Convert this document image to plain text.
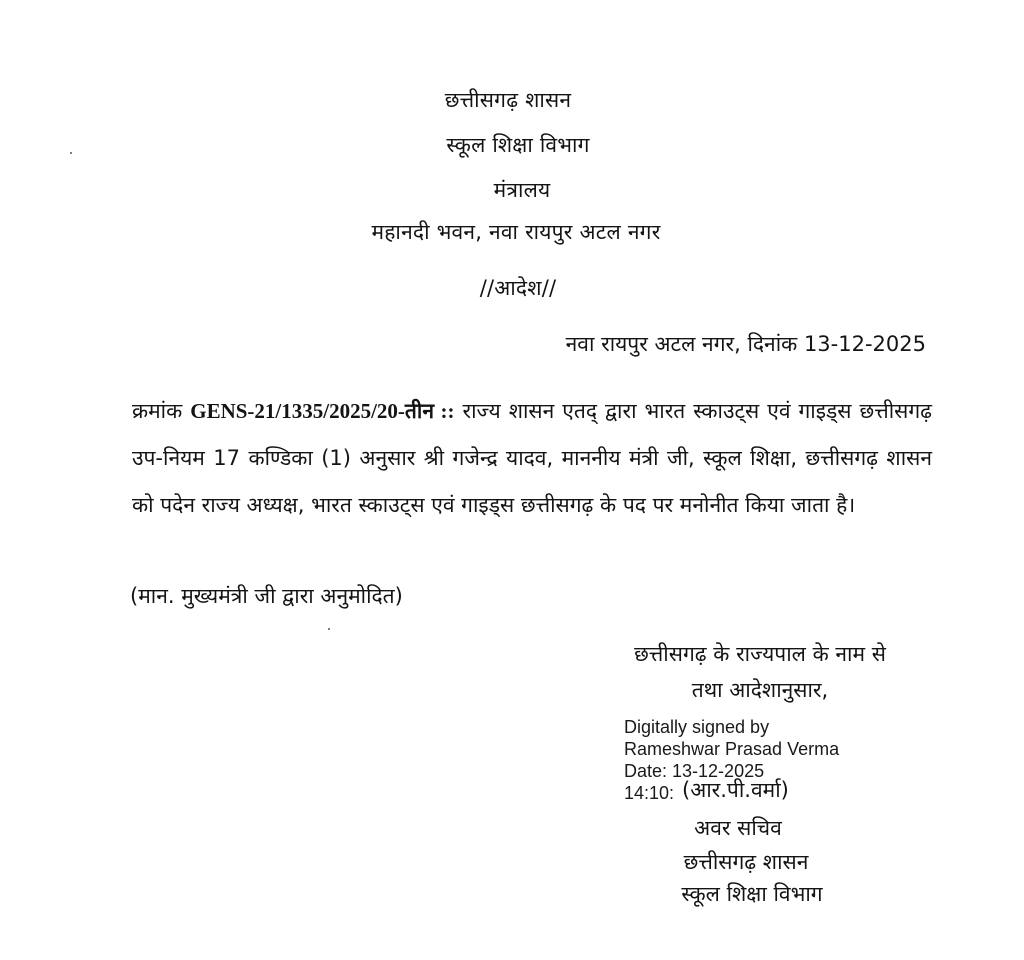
छत्तीसगढ़ शासन
स्कूल शिक्षा विभाग
मंत्रालय
महानदी भवन, नवा रायपुर अटल नगर
//आदेश//
नवा रायपुर अटल नगर, दिनांक 13-12-2025
क्रमांक GENS-21/1335/2025/20-तीन :: राज्य शासन एतद् द्वारा भारत स्काउट्स एवं गाइड्स छत्तीसगढ़ उप-नियम 17 कण्डिका (1) अनुसार श्री गजेन्द्र यादव, माननीय मंत्री जी, स्कूल शिक्षा, छत्तीसगढ़ शासन को पदेन राज्य अध्यक्ष, भारत स्काउट्स एवं गाइड्स छत्तीसगढ़ के पद पर मनोनीत किया जाता है।
(मान. मुख्यमंत्री जी द्वारा अनुमोदित)
छत्तीसगढ़ के राज्यपाल के नाम से
तथा आदेशानुसार,
Digitally signed by
Rameshwar Prasad Verma
Date: 13-12-2025
14:10: (आर.पी.वर्मा)
अवर सचिव
छत्तीसगढ़ शासन
स्कूल शिक्षा विभाग
